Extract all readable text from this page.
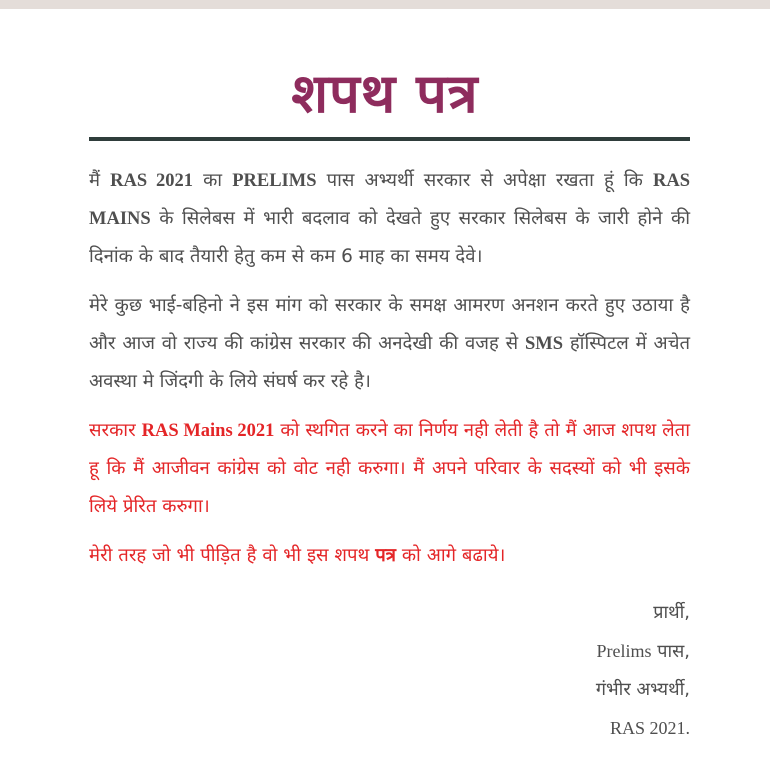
शपथ पत्र

मैं RAS 2021 का PRELIMS पास अभ्यर्थी सरकार से अपेक्षा रखता हूं कि RAS MAINS के सिलेबस में भारी बदलाव को देखते हुए सरकार सिलेबस के जारी होने की दिनांक के बाद तैयारी हेतु कम से कम 6 माह का समय देवे।

मेरे कुछ भाई-बहिनो ने इस मांग को सरकार के समक्ष आमरण अनशन करते हुए उठाया है और आज वो राज्य की कांग्रेस सरकार की अनदेखी की वजह से SMS हॉस्पिटल में अचेत अवस्था मे जिंदगी के लिये संघर्ष कर रहे है।

सरकार RAS Mains 2021 को स्थगित करने का निर्णय नही लेती है तो मैं आज शपथ लेता हू कि मैं आजीवन कांग्रेस को वोट नही करुगा। मैं अपने परिवार के सदस्यों को भी इसके लिये प्रेरित करुगा।

मेरी तरह जो भी पीड़ित है वो भी इस शपथ पत्र को आगे बढाये।

प्रार्थी,
Prelims पास,
गंभीर अभ्यर्थी,
RAS 2021.
